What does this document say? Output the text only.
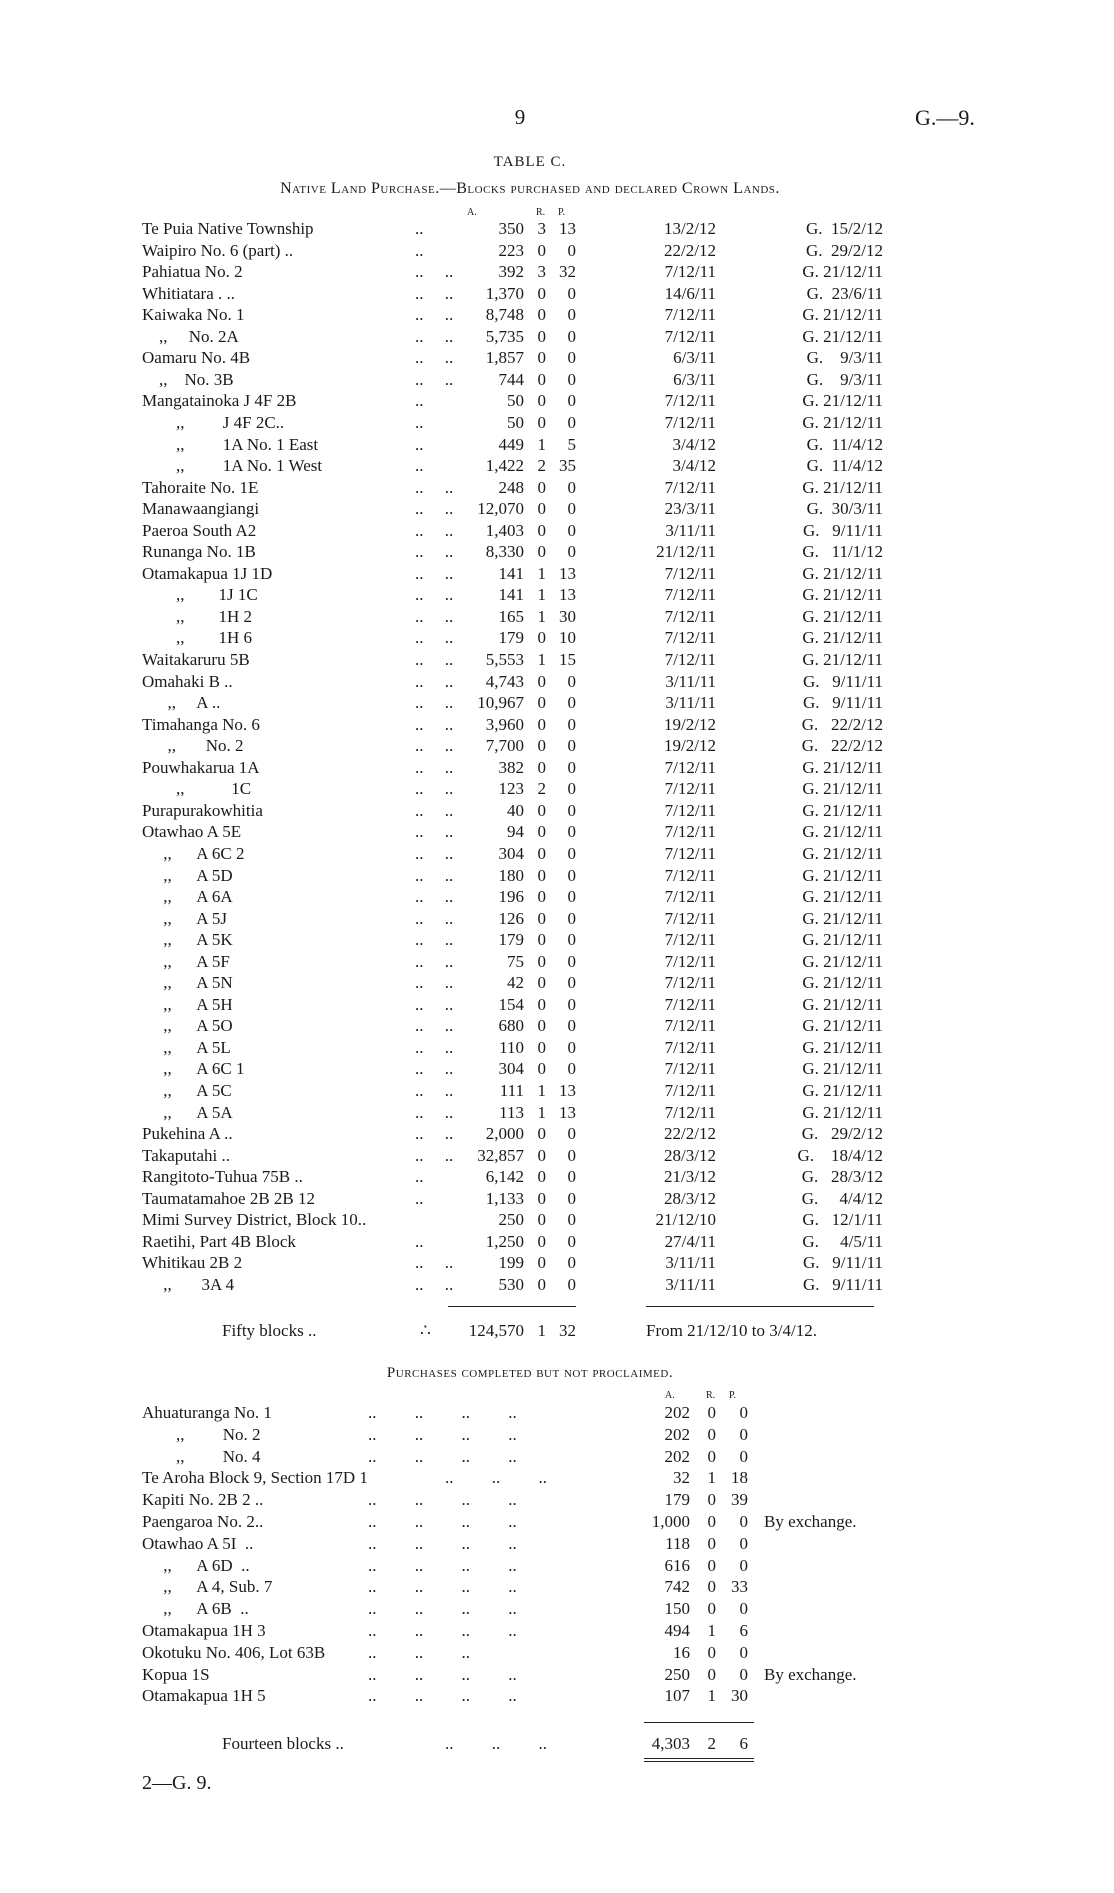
9	G.—9.
TABLE C.
Native Land Purchase.—Blocks purchased and declared Crown Lands.
A.	R. P.
Te Puia Native Township	..	350 3 13	13/2/12	G.  15/2/12
Waipiro No. 6 (part) ..	..	223 0	0	22/2/12	G.  29/2/12
Pahiatua No. 2	..     ..	392 3 32	7/12/11	G. 21/12/11
Whitiatara . ..	..     ..	1,370 0	0	14/6/11	G.  23/6/11
Kaiwaka No. 1	..     ..	8,748 0	0	7/12/11	G. 21/12/11
,,     No. 2A	..     ..	5,735 0	0	7/12/11	G. 21/12/11
Oamaru No. 4B	..     ..	1,857 0	0	6/3/11	G.    9/3/11
,,    No. 3B	..     ..	744 0	0	6/3/11	G.    9/3/11
Mangatainoka J 4F 2B	..	50 0	0	7/12/11	G. 21/12/11
,,         J 4F 2C..	..	50 0	0	7/12/11	G. 21/12/11
,,         1A No. 1 East	..	449 1	5	3/4/12	G.  11/4/12
,,         1A No. 1 West	..	1,422 2 35	3/4/12	G.  11/4/12
Tahoraite No. 1E	..     ..	248 0	0	7/12/11	G. 21/12/11
Manawaangiangi	..     ..	12,070 0	0	23/3/11	G.  30/3/11
Paeroa South A2	..     ..	1,403 0	0	3/11/11	G.   9/11/11
Runanga No. 1B	..     ..	8,330 0	0	21/12/11	G.   11/1/12
Otamakapua 1J 1D	..     ..	141 1 13	7/12/11	G. 21/12/11
,,        1J 1C	..     ..	141 1 13	7/12/11	G. 21/12/11
,,        1H 2	..     ..	165 1 30	7/12/11	G. 21/12/11
,,        1H 6	..     ..	179 0 10	7/12/11	G. 21/12/11
Waitakaruru 5B	..     ..	5,553 1 15	7/12/11	G. 21/12/11
Omahaki B ..	..     ..	4,743 0	0	3/11/11	G.   9/11/11
,,     A ..	..     ..	10,967 0	0	3/11/11	G.   9/11/11
Timahanga No. 6	..     ..	3,960 0	0	19/2/12	G.   22/2/12
,,       No. 2	..     ..	7,700 0	0	19/2/12	G.   22/2/12
Pouwhakarua 1A	..     ..	382 0	0	7/12/11	G. 21/12/11
,,           1C	..     ..	123 2	0	7/12/11	G. 21/12/11
Purapurakowhitia	..     ..	40 0	0	7/12/11	G. 21/12/11
Otawhao A 5E	..     ..	94 0	0	7/12/11	G. 21/12/11
,,      A 6C 2	..     ..	304 0	0	7/12/11	G. 21/12/11
,,      A 5D	..     ..	180 0	0	7/12/11	G. 21/12/11
,,      A 6A	..     ..	196 0	0	7/12/11	G. 21/12/11
,,      A 5J	..     ..	126 0	0	7/12/11	G. 21/12/11
,,      A 5K	..     ..	179 0	0	7/12/11	G. 21/12/11
,,      A 5F	..     ..	75 0	0	7/12/11	G. 21/12/11
,,      A 5N	..     ..	42 0	0	7/12/11	G. 21/12/11
,,      A 5H	..     ..	154 0	0	7/12/11	G. 21/12/11
,,      A 5O	..     ..	680 0	0	7/12/11	G. 21/12/11
,,      A 5L	..     ..	110 0	0	7/12/11	G. 21/12/11
,,      A 6C 1	..     ..	304 0	0	7/12/11	G. 21/12/11
,,      A 5C	..     ..	111 1 13	7/12/11	G. 21/12/11
,,      A 5A	..     ..	113 1 13	7/12/11	G. 21/12/11
Pukehina A ..	..     ..	2,000 0	0	22/2/12	G.   29/2/12
Takaputahi ..	..     ..	32,857 0	0	28/3/12	G.    18/4/12
Rangitoto-Tuhua 75B ..	..	6,142 0	0	21/3/12	G.   28/3/12
Taumatamahoe 2B 2B 12	..	1,133 0	0	28/3/12	G.     4/4/12
Mimi Survey District, Block 10..	250 0	0	21/12/10	G.   12/1/11
Raetihi, Part 4B Block	..	1,250 0	0	27/4/11	G.     4/5/11
Whitikau 2B 2	..     ..	199 0	0	3/11/11	G.   9/11/11
,,       3A 4	..     ..	530 0	0	3/11/11	G.   9/11/11
Fifty blocks ..	∴	124,570 1 32	From 21/12/10 to 3/4/12.
Purchases completed but not proclaimed.
A.	R. P.
Ahuaturanga No. 1	..         ..         ..         ..	202 0	0
,,         No. 2	..         ..         ..         ..	202 0	0
,,         No. 4	..         ..         ..         ..	202 0	0
Te Aroha Block 9, Section 17D 1	..         ..         ..	32 1 18
Kapiti No. 2B 2 ..	..         ..         ..         ..	179 0 39
Paengaroa No. 2..	..         ..         ..         ..	1,000 0	0 By exchange.
Otawhao A 5I  ..	..         ..         ..         ..	118 0	0
,,      A 6D  ..	..         ..         ..         ..	616 0	0
,,      A 4, Sub. 7	..         ..         ..         ..	742 0 33
,,      A 6B  ..	..         ..         ..         ..	150 0	0
Otamakapua 1H 3	..         ..         ..         ..	494 1	6
Okotuku No. 406, Lot 63B	..         ..         ..	16 0	0
Kopua 1S	..         ..         ..         ..	250 0	0 By exchange.
Otamakapua 1H 5	..         ..         ..         ..	107 1 30
Fourteen blocks ..	..         ..         ..	4,303 2	6
2—G. 9.
